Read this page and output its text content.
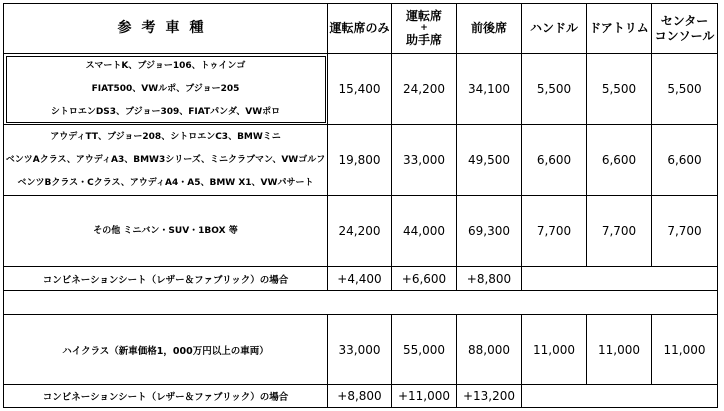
参考車種	運転席のみ	運転席
+
助手席	前後席	ハンドル	ドアトリム	センター
コンソール

スマートK、ブジョー106、トゥインゴ
FIAT500、VWルポ、ブジョー205
シトロエンDS3、ブジョー309、FIATパンダ、VWポロ	15,400	24,200	34,100	5,500	5,500	5,500

アウディTT、ブジョー208、シトロエンC3、BMWミニ
ベンツAクラス、アウディA3、BMW3シリーズ、ミニクラブマン、VWゴルフ
ベンツBクラス・Cクラス、アウディA4・A5、BMW X1、VWパサート	19,800	33,000	49,500	6,600	6,600	6,600

その他 ミニバン・SUV・1BOX 等	24,200	44,000	69,300	7,700	7,700	7,700
コンビネーションシート（レザー＆ファブリック）の場合	+4,400	+6,600	+8,800			

ハイクラス（新車価格1，000万円以上の車両）	33,000	55,000	88,000	11,000	11,000	11,000
コンビネーションシート（レザー＆ファブリック）の場合	+8,800	+11,000	+13,200			
